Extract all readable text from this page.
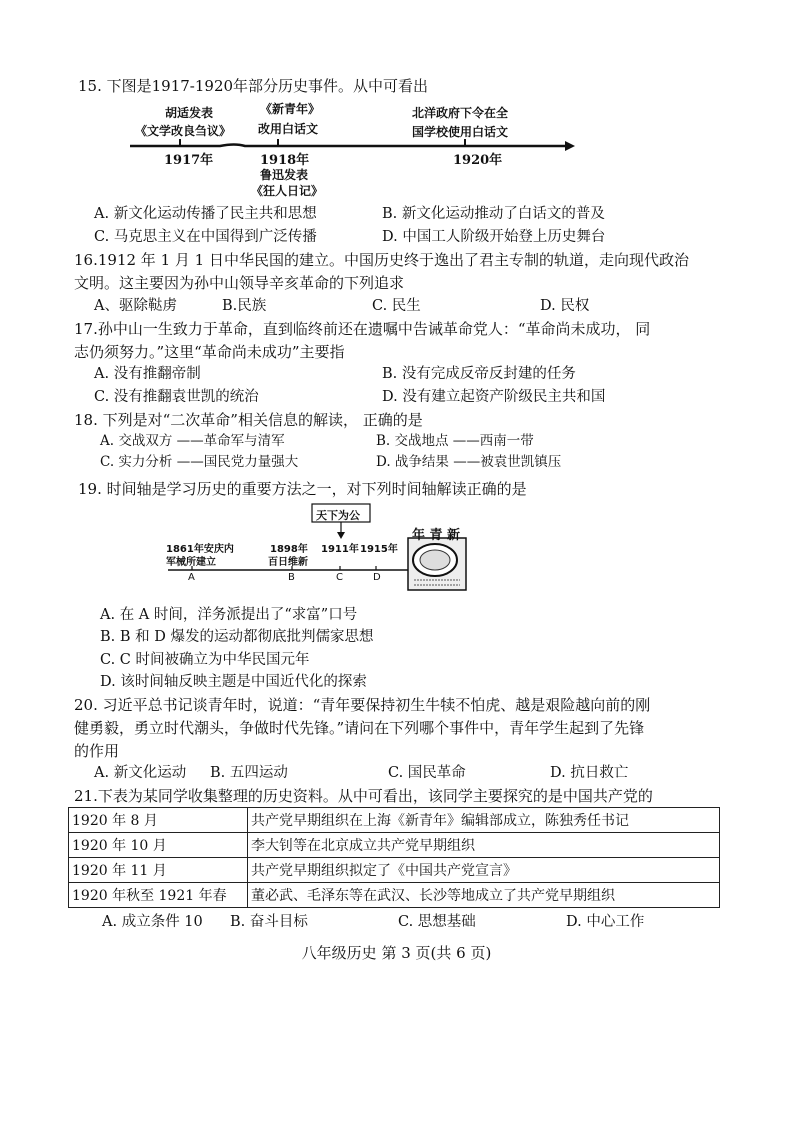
15. 下图是1917-1920年部分历史事件。从中可看出
胡适发表
《文学改良刍议》
《新青年》
改用白话文
北洋政府下令在全
国学校使用白话文
1917年	1918年	1920年
鲁迅发表
《狂人日记》
A. 新文化运动传播了民主共和思想	B. 新文化运动推动了白话文的普及
C. 马克思主义在中国得到广泛传播	D. 中国工人阶级开始登上历史舞台
16.1912 年 1 月 1 日中华民国的建立。中国历史终于逸出了君主专制的轨道，走向现代政治
文明。这主要因为孙中山领导辛亥革命的下列追求
A、驱除鞑虏	B.民族	C. 民生	D. 民权
17.孙中山一生致力于革命，直到临终前还在遗嘱中告诫革命党人：“革命尚未成功， 同
志仍须努力。”这里“革命尚未成功”主要指
A. 没有推翻帝制	B. 没有完成反帝反封建的任务
C. 没有推翻袁世凯的统治	D. 没有建立起资产阶级民主共和国
18. 下列是对“二次革命”相关信息的解读， 正确的是
A. 交战双方 ——革命军与清军	B. 交战地点 ——西南一带
C. 实力分析 ——国民党力量强大	D. 战争结果 ——被袁世凯镇压
19. 时间轴是学习历史的重要方法之一，对下列时间轴解读正确的是
天下为公
1861年安庆内
军械所建立
1898年
百日维新
1911年 1915年
A	B	C	D
年 青 新
A. 在 A 时间，洋务派提出了“求富”口号
B. B 和 D 爆发的运动都彻底批判儒家思想
C. C 时间被确立为中华民国元年
D. 该时间轴反映主题是中国近代化的探索
20. 习近平总书记谈青年时，说道：“青年要保持初生牛犊不怕虎、越是艰险越向前的刚
健勇毅，勇立时代潮头，争做时代先锋。”请问在下列哪个事件中，青年学生起到了先锋
的作用
A. 新文化运动 B. 五四运动	C. 国民革命	D. 抗日救亡
21.下表为某同学收集整理的历史资料。从中可看出，该同学主要探究的是中国共产党的
1920 年 8 月	共产党早期组织在上海《新青年》编辑部成立，陈独秀任书记
1920 年 10 月	李大钊等在北京成立共产党早期组织
1920 年 11 月	共产党早期组织拟定了《中国共产党宣言》
1920 年秋至 1921 年春	董必武、毛泽东等在武汉、长沙等地成立了共产党早期组织
A. 成立条件 10 B. 奋斗目标	C. 思想基础	D. 中心工作
八年级历史 第 3 页(共 6 页)
